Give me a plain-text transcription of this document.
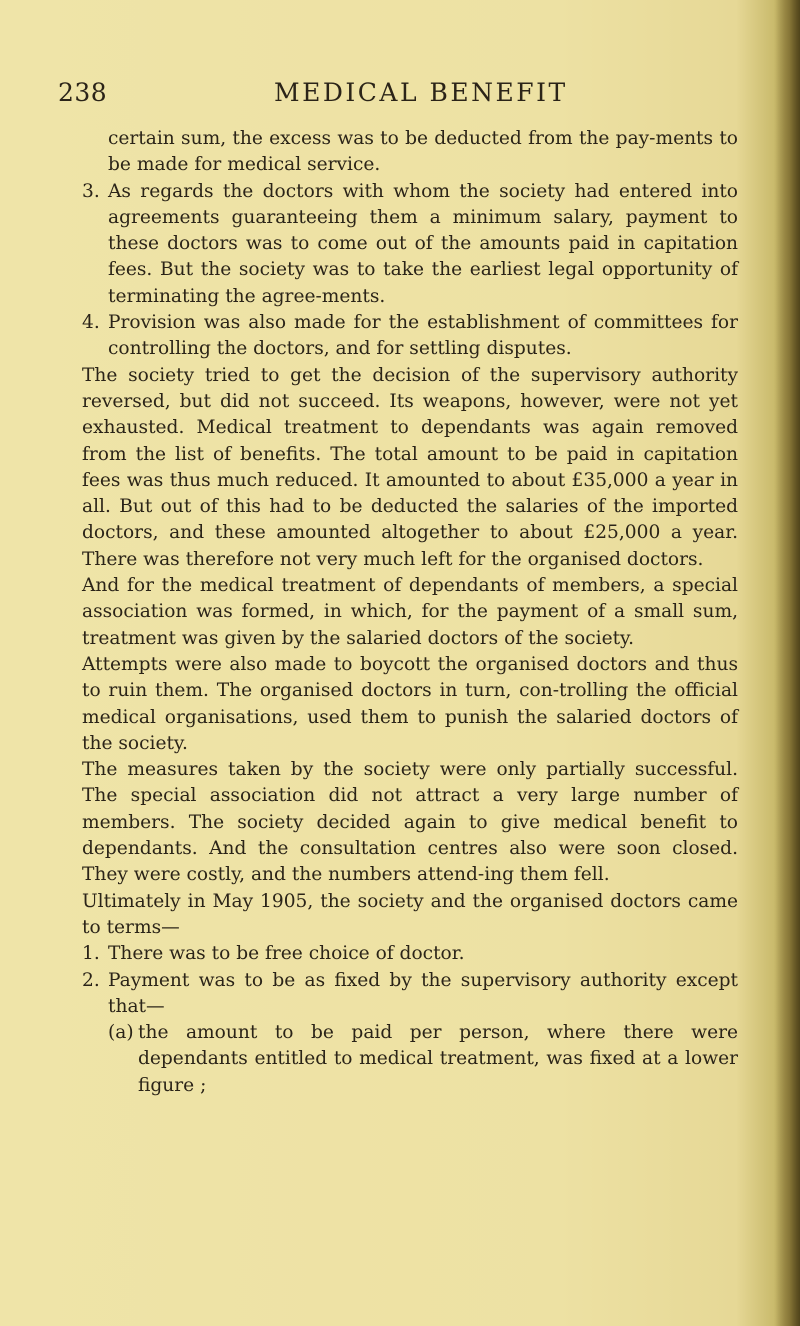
238	MEDICAL BENEFIT

certain sum, the excess was to be deducted from the pay-ments to be made for medical service.

3. As regards the doctors with whom the society had entered into agreements guaranteeing them a minimum salary, payment to these doctors was to come out of the amounts paid in capitation fees. But the society was to take the earliest legal opportunity of terminating the agree-ments.

4. Provision was also made for the establishment of committees for controlling the doctors, and for settling disputes.

The society tried to get the decision of the supervisory authority reversed, but did not succeed. Its weapons, however, were not yet exhausted. Medical treatment to dependants was again removed from the list of benefits. The total amount to be paid in capitation fees was thus much reduced. It amounted to about £35,000 a year in all. But out of this had to be deducted the salaries of the imported doctors, and these amounted altogether to about £25,000 a year. There was therefore not very much left for the organised doctors.

And for the medical treatment of dependants of members, a special association was formed, in which, for the payment of a small sum, treatment was given by the salaried doctors of the society.

Attempts were also made to boycott the organised doctors and thus to ruin them. The organised doctors in turn, con-trolling the official medical organisations, used them to punish the salaried doctors of the society.

The measures taken by the society were only partially successful. The special association did not attract a very large number of members. The society decided again to give medical benefit to dependants. And the consultation centres also were soon closed. They were costly, and the numbers attend-ing them fell.

Ultimately in May 1905, the society and the organised doctors came to terms—

1. There was to be free choice of doctor.

2. Payment was to be as fixed by the supervisory authority except that—

(a) the amount to be paid per person, where there were dependants entitled to medical treatment, was fixed at a lower figure ;
